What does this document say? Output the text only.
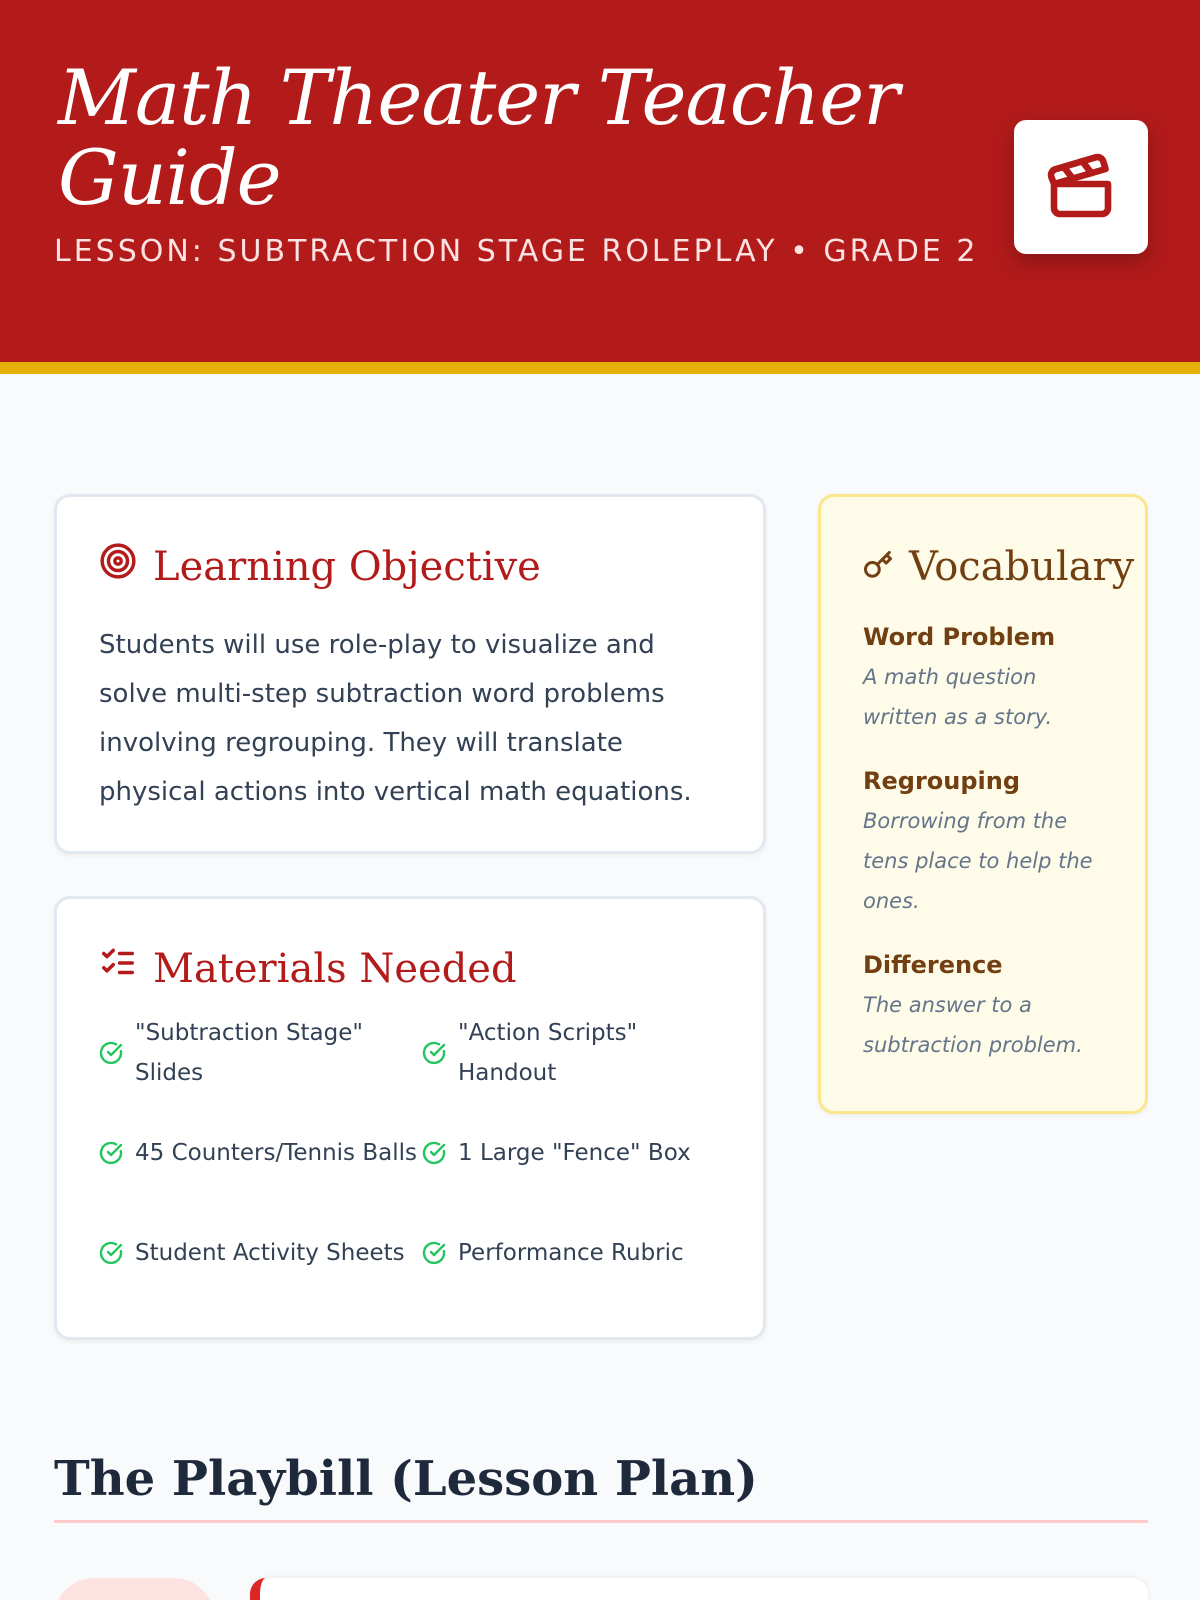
Math Theater Teacher Guide
LESSON: SUBTRACTION STAGE ROLEPLAY • GRADE 2
Learning Objective

Students will use role-play to visualize and solve multi-step subtraction word problems involving regrouping. They will translate physical actions into vertical math equations.

Materials Needed
"Subtraction Stage" Slides
"Action Scripts" Handout
45 Counters/Tennis Balls 1 Large "Fence" Box
Student Activity Sheets Performance Rubric
Vocabulary
Word Problem
A math question written as a story.
Regrouping
Borrowing from the tens place to help the ones.
Difference
The answer to a subtraction problem.
The Playbill (Lesson Plan)
